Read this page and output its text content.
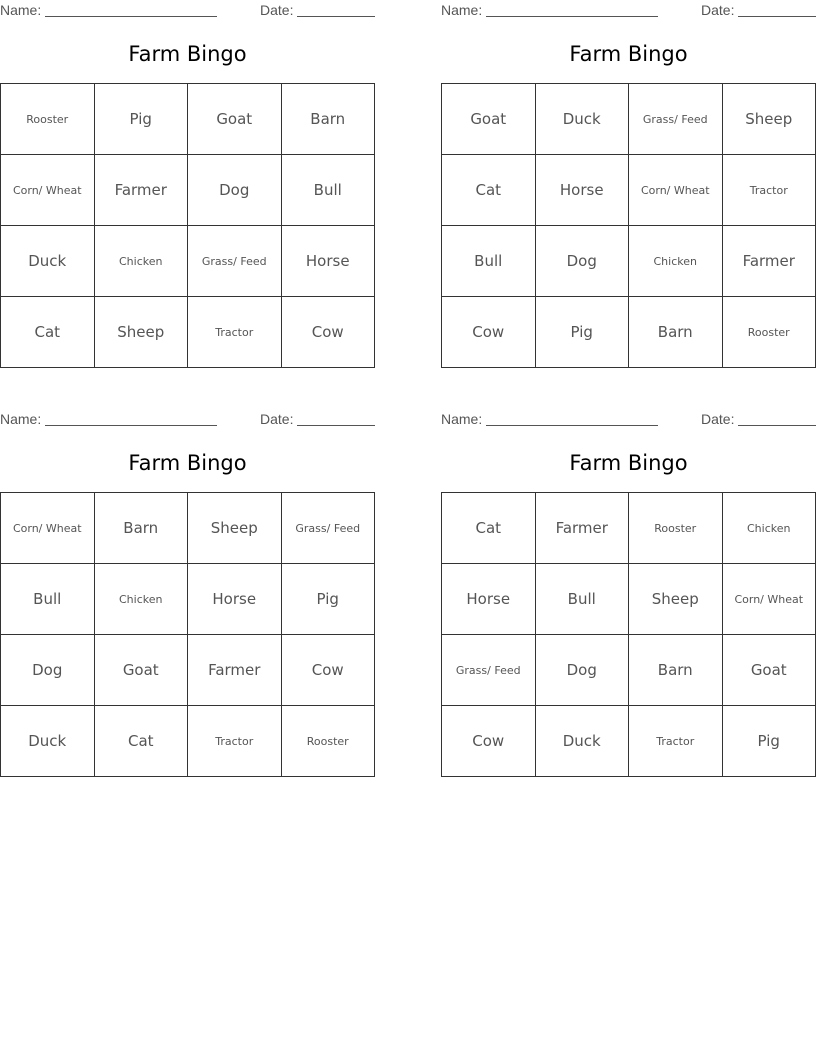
Name:	Date:
Farm Bingo
Rooster	Pig	Goat	Barn
Corn/ Wheat	Farmer	Dog	Bull
Duck	Chicken	Grass/ Feed	Horse
Cat	Sheep	Tractor	Cow
Name:	Date:
Farm Bingo
Goat	Duck	Grass/ Feed	Sheep
Cat	Horse	Corn/ Wheat	Tractor
Bull	Dog	Chicken	Farmer
Cow	Pig	Barn	Rooster
Name:	Date:
Farm Bingo
Corn/ Wheat	Barn	Sheep	Grass/ Feed
Bull	Chicken	Horse	Pig
Dog	Goat	Farmer	Cow
Duck	Cat	Tractor	Rooster
Name:	Date:
Farm Bingo
Cat	Farmer	Rooster	Chicken
Horse	Bull	Sheep	Corn/ Wheat
Grass/ Feed	Dog	Barn	Goat
Cow	Duck	Tractor	Pig
